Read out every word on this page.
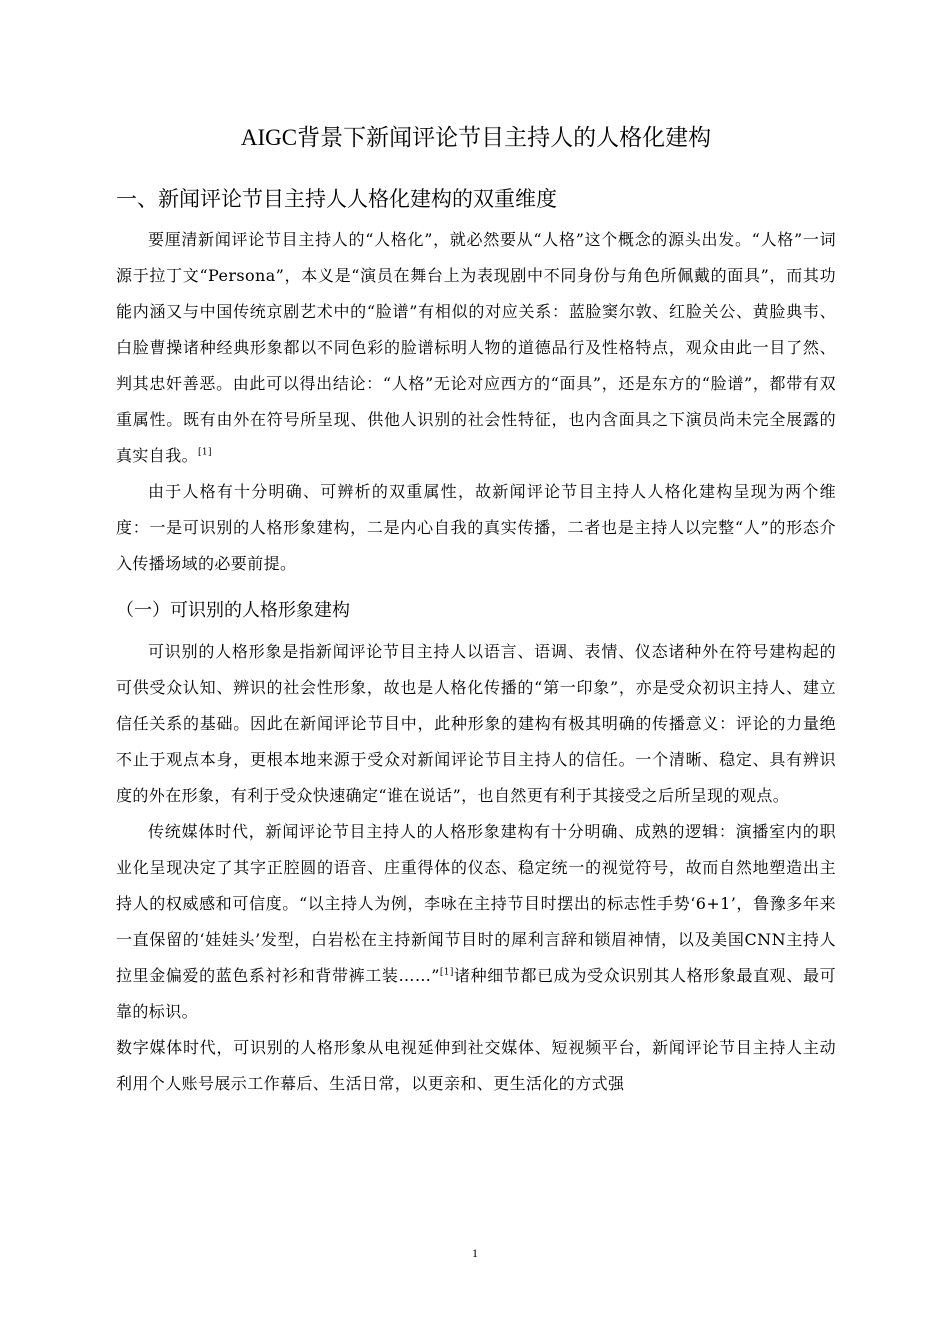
AIGC背景下新闻评论节目主持人的人格化建构
一、新闻评论节目主持人人格化建构的双重维度

要厘清新闻评论节目主持人的“人格化”，就必然要从“人格”这个概念的源头出发。“人格”一词源于拉丁文“Persona”，本义是“演员在舞台上为表现剧中不同身份与角色所佩戴的面具”，而其功能内涵又与中国传统京剧艺术中的“脸谱”有相似的对应关系：蓝脸窦尔敦、红脸关公、黄脸典韦、白脸曹操诸种经典形象都以不同色彩的脸谱标明人物的道德品行及性格特点，观众由此一目了然、判其忠奸善恶。由此可以得出结论：“人格”无论对应西方的“面具”，还是东方的“脸谱”，都带有双重属性。既有由外在符号所呈现、供他人识别的社会性特征，也内含面具之下演员尚未完全展露的真实自我。[1]

由于人格有十分明确、可辨析的双重属性，故新闻评论节目主持人人格化建构呈现为两个维度：一是可识别的人格形象建构，二是内心自我的真实传播，二者也是主持人以完整“人”的形态介入传播场域的必要前提。

（一）可识别的人格形象建构

可识别的人格形象是指新闻评论节目主持人以语言、语调、表情、仪态诸种外在符号建构起的可供受众认知、辨识的社会性形象，故也是人格化传播的“第一印象”，亦是受众初识主持人、建立信任关系的基础。因此在新闻评论节目中，此种形象的建构有极其明确的传播意义：评论的力量绝不止于观点本身，更根本地来源于受众对新闻评论节目主持人的信任。一个清晰、稳定、具有辨识度的外在形象，有利于受众快速确定“谁在说话”，也自然更有利于其接受之后所呈现的观点。

传统媒体时代，新闻评论节目主持人的人格形象建构有十分明确、成熟的逻辑：演播室内的职业化呈现决定了其字正腔圆的语音、庄重得体的仪态、稳定统一的视觉符号，故而自然地塑造出主持人的权威感和可信度。“以主持人为例，李咏在主持节目时摆出的标志性手势‘6+1’，鲁豫多年来一直保留的‘娃娃头’发型，白岩松在主持新闻节目时的犀利言辞和锁眉神情，以及美国CNN主持人拉里金偏爱的蓝色系衬衫和背带裤工装……”[1]诸种细节都已成为受众识别其人格形象最直观、最可靠的标识。

数字媒体时代，可识别的人格形象从电视延伸到社交媒体、短视频平台，新闻评论节目主持人主动利用个人账号展示工作幕后、生活日常，以更亲和、更生活化的方式强

1
